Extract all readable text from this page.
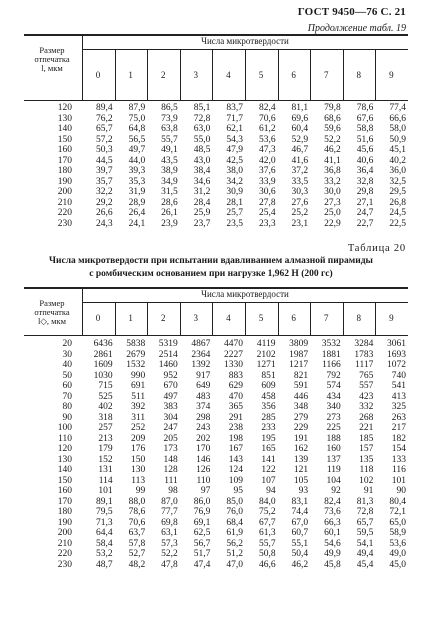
ГОСТ 9450—76 С. 21
Продолжение табл. 19
Размер
отпечатка
l, мкм
Числа микротвердости
0	1	2	3	4	5	6	7	8	9
120	89,4	87,9	86,5	85,1	83,7	82,4	81,1	79,8	78,6	77,4
130	76,2	75,0	73,9	72,8	71,7	70,6	69,6	68,6	67,6	66,6
140	65,7	64,8	63,8	63,0	62,1	61,2	60,4	59,6	58,8	58,0
150	57,2	56,5	55,7	55,0	54,3	53,6	52,9	52,2	51,6	50,9
160	50,3	49,7	49,1	48,5	47,9	47,3	46,7	46,2	45,6	45,1
170	44,5	44,0	43,5	43,0	42,5	42,0	41,6	41,1	40,6	40,2
180	39,7	39,3	38,9	38,4	38,0	37,6	37,2	36,8	36,4	36,0
190	35,7	35,3	34,9	34,6	34,2	33,9	33,5	33,2	32,8	32,5
200	32,2	31,9	31,5	31,2	30,9	30,6	30,3	30,0	29,8	29,5
210	29,2	28,9	28,6	28,4	28,1	27,8	27,6	27,3	27,1	26,8
220	26,6	26,4	26,1	25,9	25,7	25,4	25,2	25,0	24,7	24,5
230	24,3	24,1	23,9	23,7	23,5	23,3	23,1	22,9	22,7	22,5
Таблица 20
Числа микротвердости при испытании вдавливанием алмазной пирамиды
с ромбическим основанием при нагрузке 1,962 Н (200 гс)
Размер
отпечатка
l◇, мкм
Числа микротвердости
0	1	2	3	4	5	6	7	8	9
20	6436	5838	5319	4867	4470	4119	3809	3532	3284	3061
30	2861	2679	2514	2364	2227	2102	1987	1881	1783	1693
40	1609	1532	1460	1392	1330	1271	1217	1166	1117	1072
50	1030	990	952	917	883	851	821	792	765	740
60	715	691	670	649	629	609	591	574	557	541
70	525	511	497	483	470	458	446	434	423	413
80	402	392	383	374	365	356	348	340	332	325
90	318	311	304	298	291	285	279	273	268	263
100	257	252	247	243	238	233	229	225	221	217
110	213	209	205	202	198	195	191	188	185	182
120	179	176	173	170	167	165	162	160	157	154
130	152	150	148	146	143	141	139	137	135	133
140	131	130	128	126	124	122	121	119	118	116
150	114	113	111	110	109	107	105	104	102	101
160	101	99	98	97	95	94	93	92	91	90
170	89,1	88,0	87,0	86,0	85,0	84,0	83,1	82,4	81,3	80,4
180	79,5	78,6	77,7	76,9	76,0	75,2	74,4	73,6	72,8	72,1
190	71,3	70,6	69,8	69,1	68,4	67,7	67,0	66,3	65,7	65,0
200	64,4	63,7	63,1	62,5	61,9	61,3	60,7	60,1	59,5	58,9
210	58,4	57,8	57,3	56,7	56,2	55,7	55,1	54,6	54,1	53,6
220	53,2	52,7	52,2	51,7	51,2	50,8	50,4	49,9	49,4	49,0
230	48,7	48,2	47,8	47,4	47,0	46,6	46,2	45,8	45,4	45,0
